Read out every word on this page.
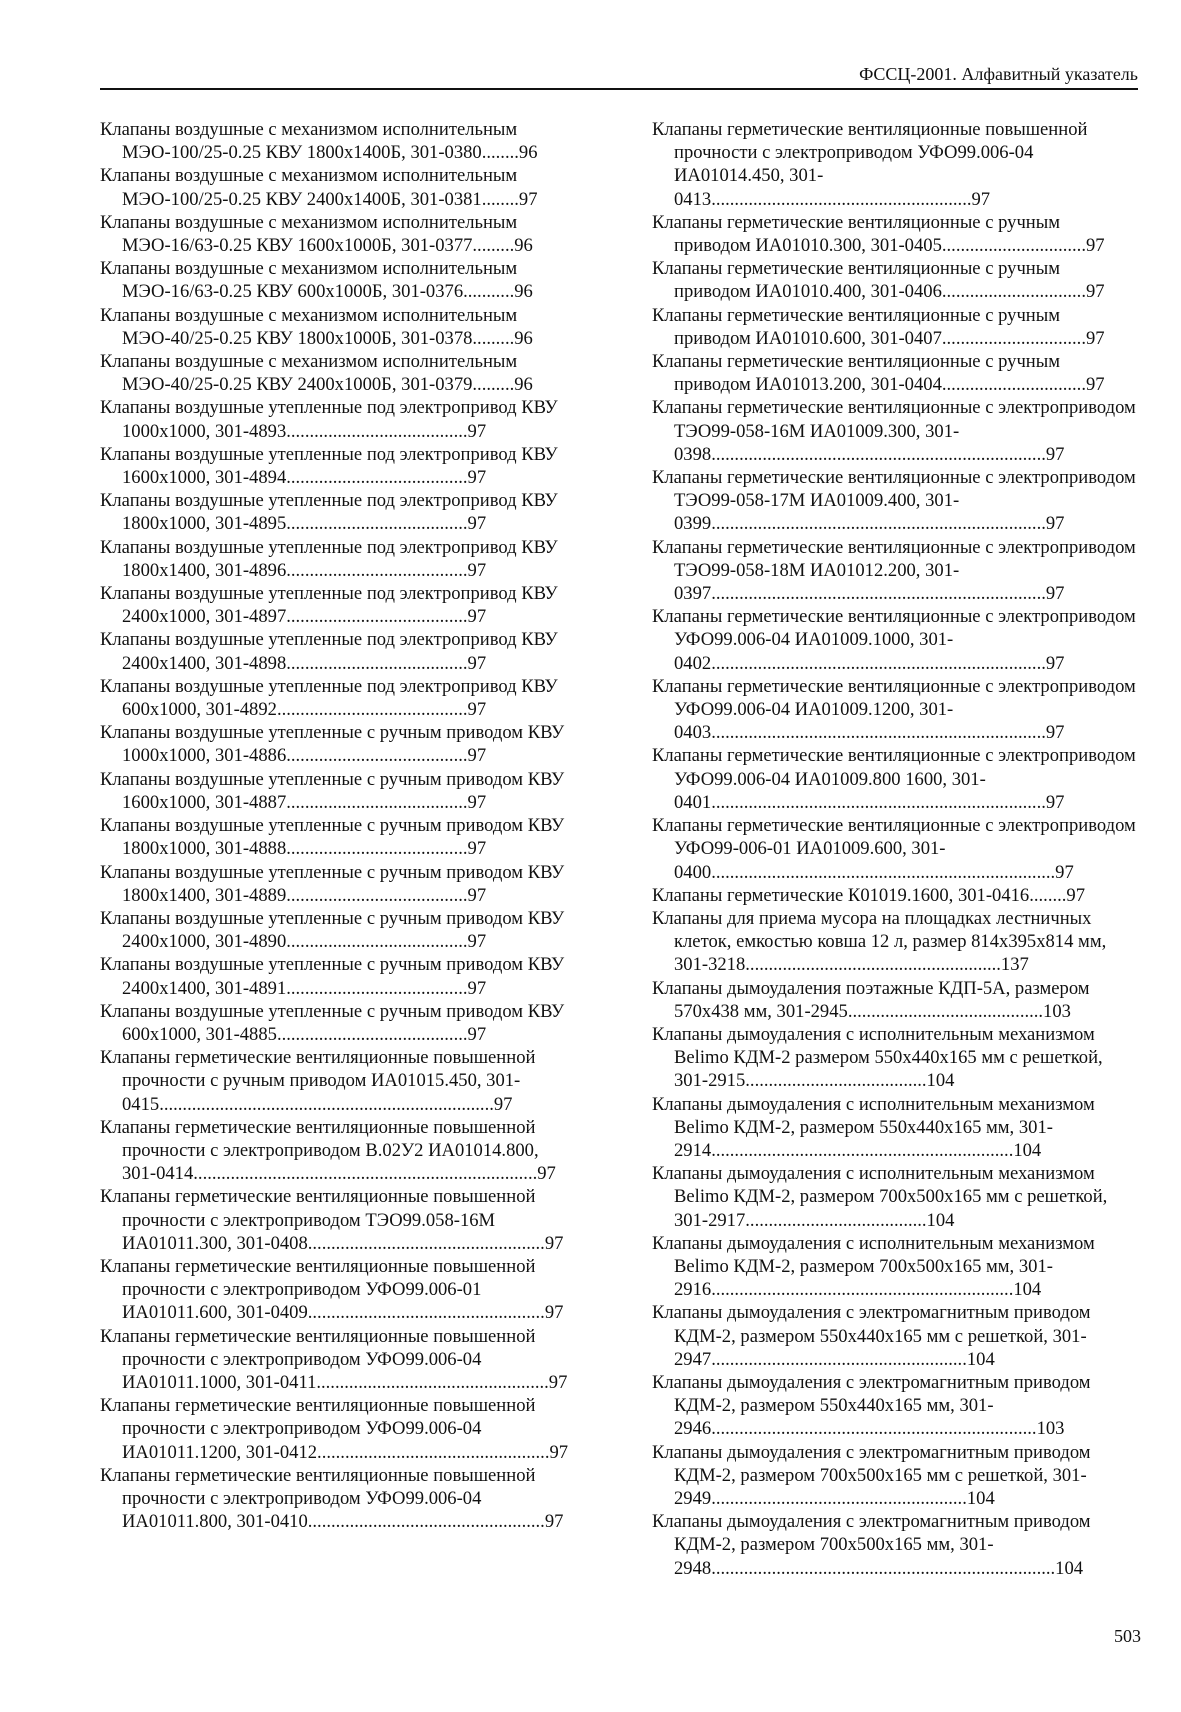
ФССЦ-2001. Алфавитный указатель
Клапаны воздушные с механизмом исполнительным МЭО-100/25-0.25 КВУ 1800х1400Б, 301-0380........96
Клапаны воздушные с механизмом исполнительным МЭО-100/25-0.25 КВУ 2400х1400Б, 301-0381........97
Клапаны воздушные с механизмом исполнительным МЭО-16/63-0.25 КВУ 1600х1000Б, 301-0377.........96
Клапаны воздушные с механизмом исполнительным МЭО-16/63-0.25 КВУ 600х1000Б, 301-0376...........96
Клапаны воздушные с механизмом исполнительным МЭО-40/25-0.25 КВУ 1800х1000Б, 301-0378.........96
Клапаны воздушные с механизмом исполнительным МЭО-40/25-0.25 КВУ 2400х1000Б, 301-0379.........96
Клапаны воздушные утепленные под электропривод КВУ 1000х1000, 301-4893.......................................97
Клапаны воздушные утепленные под электропривод КВУ 1600х1000, 301-4894.......................................97
Клапаны воздушные утепленные под электропривод КВУ 1800х1000, 301-4895.......................................97
Клапаны воздушные утепленные под электропривод КВУ 1800х1400, 301-4896.......................................97
Клапаны воздушные утепленные под электропривод КВУ 2400х1000, 301-4897.......................................97
Клапаны воздушные утепленные под электропривод КВУ 2400х1400, 301-4898.......................................97
Клапаны воздушные утепленные под электропривод КВУ 600х1000, 301-4892.........................................97
Клапаны воздушные утепленные с ручным приводом КВУ 1000х1000, 301-4886.......................................97
Клапаны воздушные утепленные с ручным приводом КВУ 1600х1000, 301-4887.......................................97
Клапаны воздушные утепленные с ручным приводом КВУ 1800х1000, 301-4888.......................................97
Клапаны воздушные утепленные с ручным приводом КВУ 1800х1400, 301-4889.......................................97
Клапаны воздушные утепленные с ручным приводом КВУ 2400х1000, 301-4890.......................................97
Клапаны воздушные утепленные с ручным приводом КВУ 2400х1400, 301-4891.......................................97
Клапаны воздушные утепленные с ручным приводом КВУ 600х1000, 301-4885.........................................97
Клапаны герметические вентиляционные повышенной прочности с ручным приводом ИА01015.450, 301-0415........................................................................97
Клапаны герметические вентиляционные повышенной прочности с электроприводом В.02У2 ИА01014.800, 301-0414..........................................................................97
Клапаны герметические вентиляционные повышенной прочности с электроприводом ТЭО99.058-16М ИА01011.300, 301-0408...................................................97
Клапаны герметические вентиляционные повышенной прочности с электроприводом УФО99.006-01 ИА01011.600, 301-0409...................................................97
Клапаны герметические вентиляционные повышенной прочности с электроприводом УФО99.006-04 ИА01011.1000, 301-0411..................................................97
Клапаны герметические вентиляционные повышенной прочности с электроприводом УФО99.006-04 ИА01011.1200, 301-0412..................................................97
Клапаны герметические вентиляционные повышенной прочности с электроприводом УФО99.006-04 ИА01011.800, 301-0410...................................................97
Клапаны герметические вентиляционные повышенной прочности с электроприводом УФО99.006-04 ИА01014.450, 301-0413........................................................97
Клапаны герметические вентиляционные с ручным приводом ИА01010.300, 301-0405...............................97
Клапаны герметические вентиляционные с ручным приводом ИА01010.400, 301-0406...............................97
Клапаны герметические вентиляционные с ручным приводом ИА01010.600, 301-0407...............................97
Клапаны герметические вентиляционные с ручным приводом ИА01013.200, 301-0404...............................97
Клапаны герметические вентиляционные с электроприводом ТЭО99-058-16М ИА01009.300, 301-0398........................................................................97
Клапаны герметические вентиляционные с электроприводом ТЭО99-058-17М ИА01009.400, 301-0399........................................................................97
Клапаны герметические вентиляционные с электроприводом ТЭО99-058-18М ИА01012.200, 301-0397........................................................................97
Клапаны герметические вентиляционные с электроприводом УФО99.006-04 ИА01009.1000, 301-0402........................................................................97
Клапаны герметические вентиляционные с электроприводом УФО99.006-04 ИА01009.1200, 301-0403........................................................................97
Клапаны герметические вентиляционные с электроприводом УФО99.006-04 ИА01009.800 1600, 301-0401........................................................................97
Клапаны герметические вентиляционные с электроприводом УФО99-006-01 ИА01009.600, 301-0400..........................................................................97
Клапаны герметические К01019.1600, 301-0416........97
Клапаны для приема мусора на площадках лестничных клеток, емкостью ковша 12 л, размер 814х395х814 мм, 301-3218.......................................................137
Клапаны дымоудаления поэтажные КДП-5А, размером 570х438 мм, 301-2945..........................................103
Клапаны дымоудаления с исполнительным механизмом Belimo КДМ-2 размером 550х440х165 мм с решеткой, 301-2915.......................................104
Клапаны дымоудаления с исполнительным механизмом Belimo КДМ-2, размером 550х440х165 мм, 301-2914.................................................................104
Клапаны дымоудаления с исполнительным механизмом Belimo КДМ-2, размером 700х500х165 мм с решеткой, 301-2917.......................................104
Клапаны дымоудаления с исполнительным механизмом Belimo КДМ-2, размером 700х500х165 мм, 301-2916.................................................................104
Клапаны дымоудаления с электромагнитным приводом КДМ-2, размером 550х440х165 мм с решеткой, 301-2947.......................................................104
Клапаны дымоудаления с электромагнитным приводом КДМ-2, размером 550х440х165 мм, 301-2946......................................................................103
Клапаны дымоудаления с электромагнитным приводом КДМ-2, размером 700х500х165 мм с решеткой, 301-2949.......................................................104
Клапаны дымоудаления с электромагнитным приводом КДМ-2, размером 700х500х165 мм, 301-2948..........................................................................104
503
